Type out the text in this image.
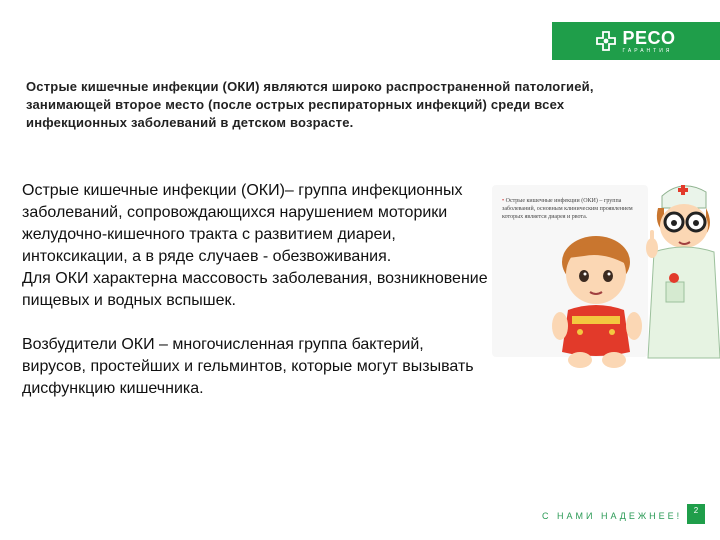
PECO
ГАРАНТИЯ
Острые кишечные инфекции (ОКИ) являются широко распространенной патологией, занимающей второе место (после острых респираторных инфекций) среди всех инфекционных заболеваний в детском возрасте.

Острые кишечные инфекции (ОКИ)– группа инфекционных заболеваний, сопровождающихся нарушением моторики желудочно-кишечного тракта с развитием диареи, интоксикации, а в ряде случаев - обезвоживания.

Для ОКИ характерна массовость заболевания, возникновение пищевых и водных вспышек.

Возбудители ОКИ – многочисленная группа бактерий, вирусов, простейших и гельминтов, которые могут вызывать дисфункцию кишечника.

• Острые кишечные инфекции (ОКИ) – группа заболеваний, основным клиническим проявлением которых является диарея и рвота.
С НАМИ НАДЕЖНЕЕ!
2
